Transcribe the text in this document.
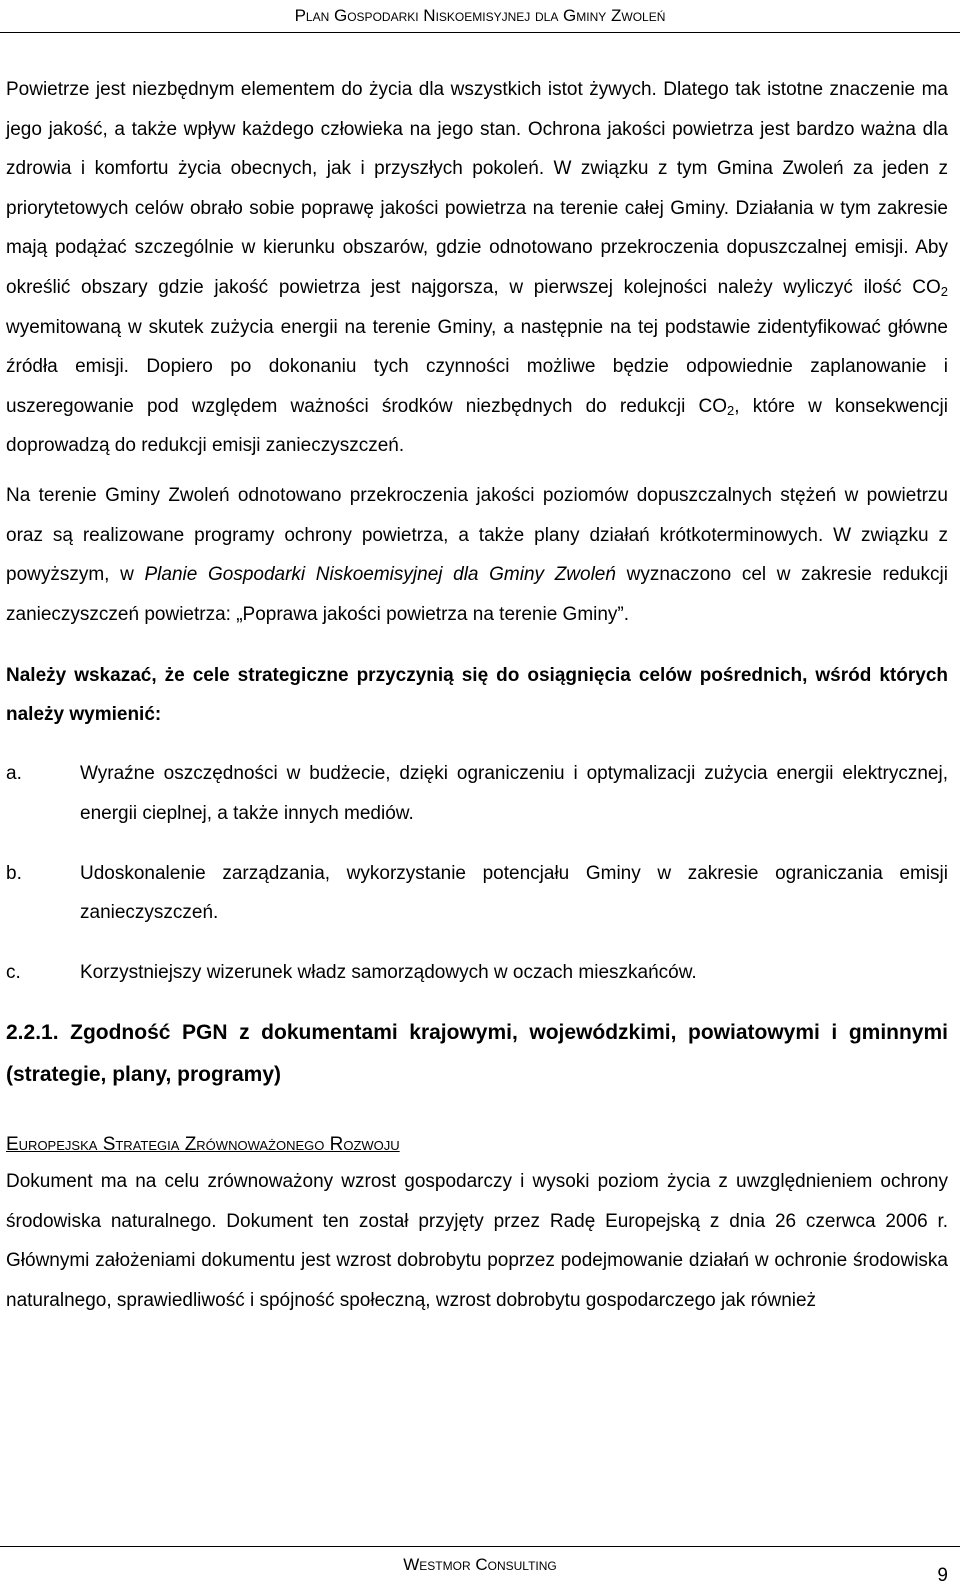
Plan Gospodarki Niskoemisyjnej dla Gminy Zwoleń

Powietrze jest niezbędnym elementem do życia dla wszystkich istot żywych. Dlatego tak istotne znaczenie ma jego jakość, a także wpływ każdego człowieka na jego stan. Ochrona jakości powietrza jest bardzo ważna dla zdrowia i komfortu życia obecnych, jak i przyszłych pokoleń. W związku z tym Gmina Zwoleń za jeden z priorytetowych celów obrało sobie poprawę jakości powietrza na terenie całej Gminy. Działania w tym zakresie mają podążać szczególnie w kierunku obszarów, gdzie odnotowano przekroczenia dopuszczalnej emisji. Aby określić obszary gdzie jakość powietrza jest najgorsza, w pierwszej kolejności należy wyliczyć ilość $CO_2$ wyemitowaną w skutek zużycia energii na terenie Gminy, a następnie na tej podstawie zidentyfikować główne źródła emisji. Dopiero po dokonaniu tych czynności możliwe będzie odpowiednie zaplanowanie i uszeregowanie pod względem ważności środków niezbędnych do redukcji $CO_2$, które w konsekwencji doprowadzą do redukcji emisji zanieczyszczeń.

Na terenie Gminy Zwoleń odnotowano przekroczenia jakości poziomów dopuszczalnych stężeń w powietrzu oraz są realizowane programy ochrony powietrza, a także plany działań krótkoterminowych. W związku z powyższym, w Planie Gospodarki Niskoemisyjnej dla Gminy Zwoleń wyznaczono cel w zakresie redukcji zanieczyszczeń powietrza: „Poprawa jakości powietrza na terenie Gminy”.

Należy wskazać, że cele strategiczne przyczynią się do osiągnięcia celów pośrednich, wśród których należy wymienić:

a.	Wyraźne oszczędności w budżecie, dzięki ograniczeniu i optymalizacji zużycia energii elektrycznej, energii cieplnej, a także innych mediów.
b.	Udoskonalenie zarządzania, wykorzystanie potencjału Gminy w zakresie ograniczania emisji zanieczyszczeń.
c.	Korzystniejszy wizerunek władz samorządowych w oczach mieszkańców.

2.2.1. Zgodność PGN z dokumentami krajowymi, wojewódzkimi, powiatowymi i gminnymi (strategie, plany, programy)

Europejska Strategia Zrównoważonego Rozwoju

Dokument ma na celu zrównoważony wzrost gospodarczy i wysoki poziom życia z uwzględnieniem ochrony środowiska naturalnego. Dokument ten został przyjęty przez Radę Europejską z dnia 26 czerwca 2006 r. Głównymi założeniami dokumentu jest wzrost dobrobytu poprzez podejmowanie działań w ochronie środowiska naturalnego, sprawiedliwość i spójność społeczną, wzrost dobrobytu gospodarczego jak również

Westmor Consulting
9
